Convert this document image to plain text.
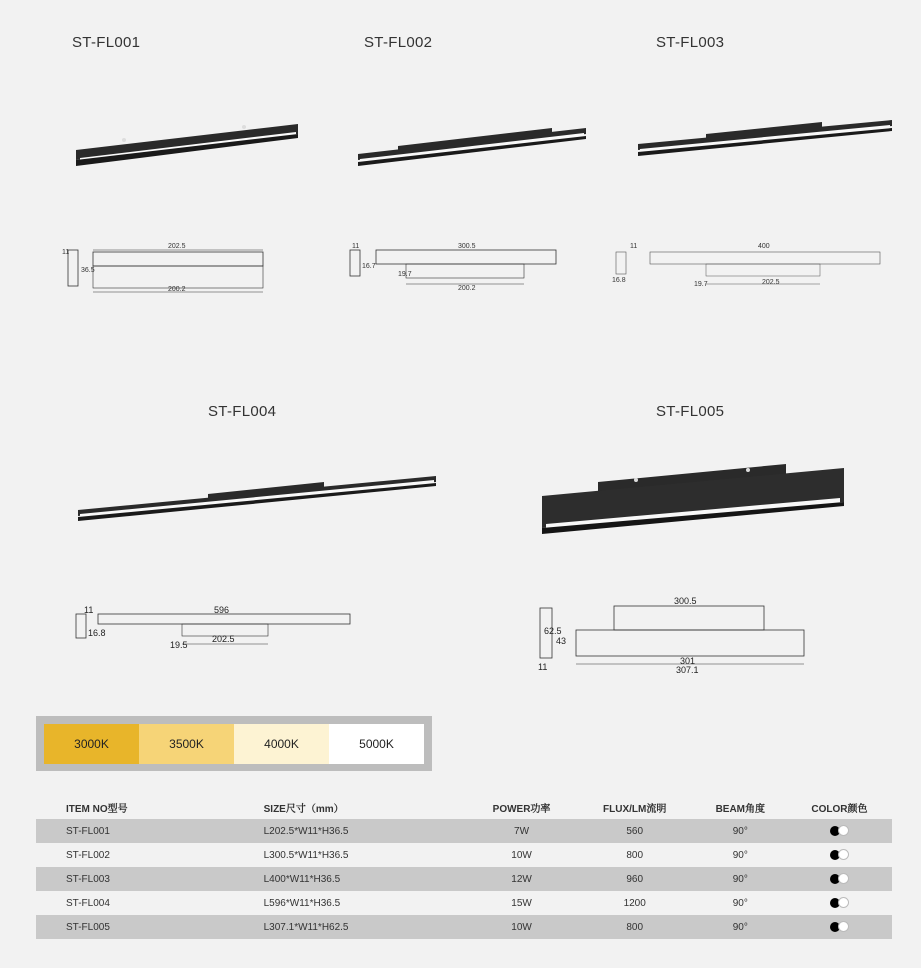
ST-FL001	ST-FL002	ST-FL003
ST-FL004	ST-FL005
11
36.5
202.5
200.2
11
16.7
19.7
300.5
200.2
11	400
202.5
16.8
19.7
11	596
202.5
16.8
19.5
300.5
301
307.1
11
43
62.5
3000K	3500K	4000K	5000K
ITEM NO型号	SIZE尺寸（mm）	POWER功率	FLUX/LM流明	BEAM角度	COLOR颜色
ST-FL001	L202.5*W11*H36.5	7W	560	90°	
ST-FL002	L300.5*W11*H36.5	10W	800	90°	
ST-FL003	L400*W11*H36.5	12W	960	90°	
ST-FL004	L596*W11*H36.5	15W	1200	90°	
ST-FL005	L307.1*W11*H62.5	10W	800	90°	
